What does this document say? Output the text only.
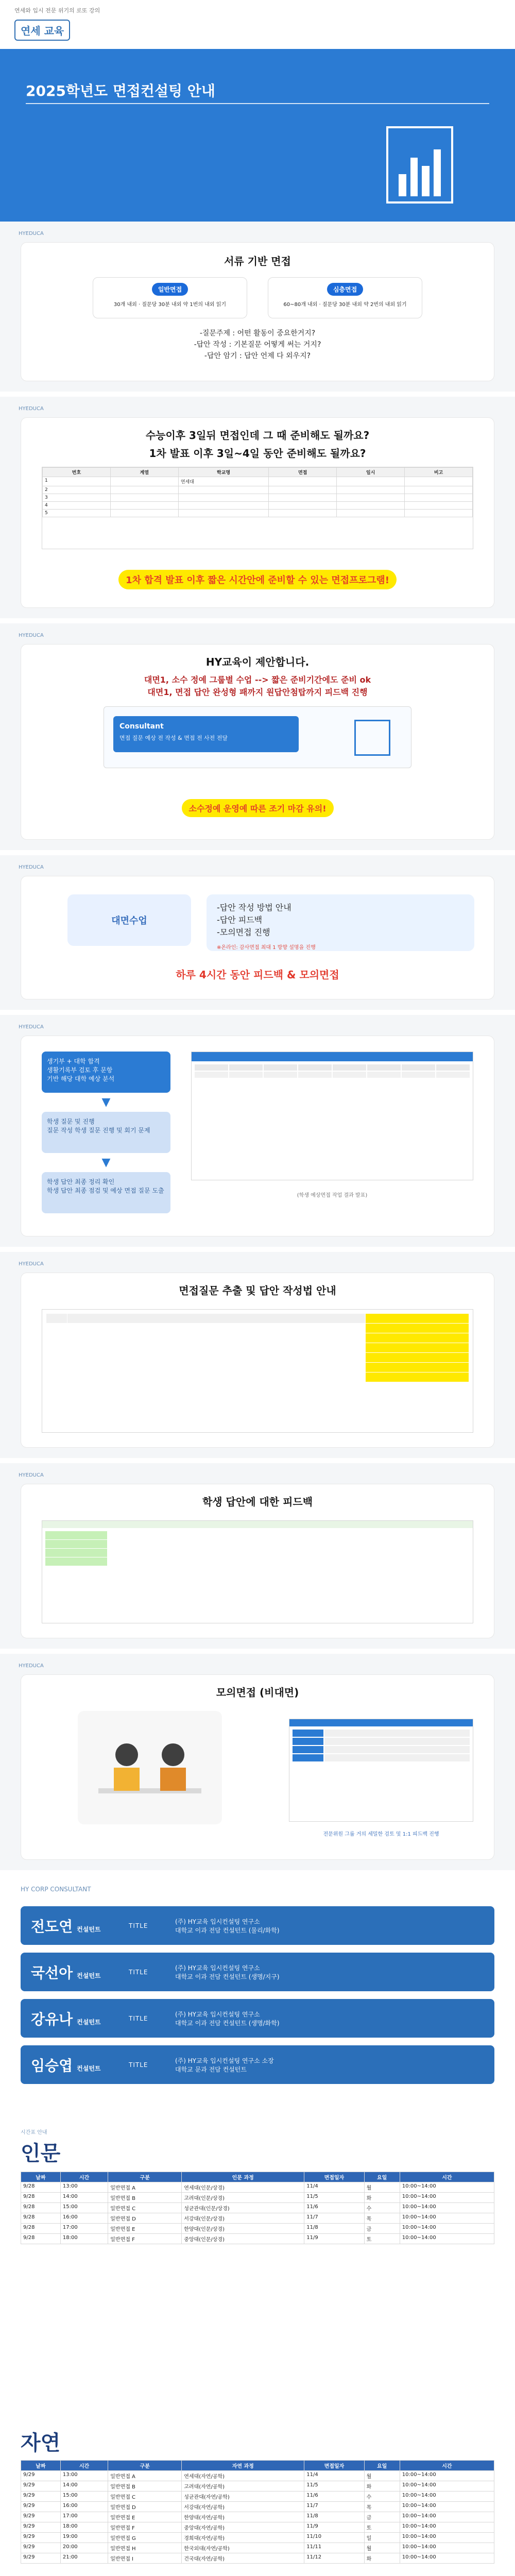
연세와 입시 전문 위기의 로또 강의
연세 교육
2025학년도 면접컨설팅 안내
HYEDUCA
서류 기반 면접
일반면접
30개 내외 · 질문당 30분 내외 약 1번의 내외 읽기
심층면접
60~80개 내외 · 질문당 30분 내외 약 2번의 내외 읽기
-질문주제 : 어떤 활동이 중요한거지?
-답안 작성 : 기본질문 어떻게 써는 거지?
-답안 암기 : 답안 언제 다 외우지?
HYEDUCA
수능이후 3일뒤 면접인데 그 때 준비해도 될까요?
1차 발표 이후 3일~4일 동안 준비해도 될까요?
번호	계열	학교명	면접	일시	비고
1		연세대			
2					
3					
4					
5					
1차 합격 발표 이후 짧은 시간안에 준비할 수 있는 면접프로그램!
HYEDUCA
HY교육이 제안합니다.
대면1, 소수 정예 그룹별 수업 --> 짧은 준비기간에도 준비 ok
대면1, 면접 답안 완성형 패까지 원답안첨탑까지 피드백 진행
Consultant
면접 질문 예상 전 작성 & 면접 전 사전 전달
소수정예 운영예 따른 조기 마감 유의!
HYEDUCA
대면수업
-답안 작성 방법 안내
-답안 피드백
-모의면접 진행
※온라인: 감사면접 최대 1 방향 설명을 진행
하루 4시간 동안 피드백 & 모의면접
HYEDUCA
생기부 + 대학 합격
생활기록부 검토 후 문항
기반 해당 대학 예상 분석
▼
학생 질문 및 진행
질문 작성 학생 질문 진행 및 회기 문제
▼
학생 답안 최종 정리 확인
학생 답안 최종 점검 및 예상 면접 질문 도출
(학생 예상면접 작업 결과 발표)
HYEDUCA
면접질문 추출 및 답안 작성법 안내
HYEDUCA
학생 답안에 대한 피드백
HYEDUCA
모의면접 (비대면)
전문위원 그룹 거의 세밀한 검토 및 1:1 피드백 진행
HY CORP CONSULTANT
전도연 컨설턴트	TITLE
(주) HY교육 입시컨설팅 연구소
대학교 이과 전담 컨설턴트 (물리/화학)
국선아 컨설턴트	TITLE
(주) HY교육 입시컨설팅 연구소
대학교 이과 전담 컨설턴트 (생명/지구)
강유나 컨설턴트	TITLE
(주) HY교육 입시컨설팅 연구소
대학교 이과 전담 컨설턴트 (생명/화학)
임승엽 컨설턴트	TITLE
(주) HY교육 입시컨설팅 연구소 소장
대학교 문과 전담 컨설턴트
시간표 안내
인문
날짜	시간	구분	인문 과정	면접일자	요일	시간
9/28	13:00	일반면접 A	연세대(인문/상경)	11/4	월	10:00~14:00
9/28	14:00	일반면접 B	고려대(인문/상경)	11/5	화	10:00~14:00
9/28	15:00	일반면접 C	성균관대(인문/상경)	11/6	수	10:00~14:00
9/28	16:00	일반면접 D	서강대(인문/상경)	11/7	목	10:00~14:00
9/28	17:00	일반면접 E	한양대(인문/상경)	11/8	금	10:00~14:00
9/28	18:00	일반면접 F	중앙대(인문/상경)	11/9	토	10:00~14:00
자연
날짜	시간	구분	자연 과정	면접일자	요일	시간
9/29	13:00	일반면접 A	연세대(자연/공학)	11/4	월	10:00~14:00
9/29	14:00	일반면접 B	고려대(자연/공학)	11/5	화	10:00~14:00
9/29	15:00	일반면접 C	성균관대(자연/공학)	11/6	수	10:00~14:00
9/29	16:00	일반면접 D	서강대(자연/공학)	11/7	목	10:00~14:00
9/29	17:00	일반면접 E	한양대(자연/공학)	11/8	금	10:00~14:00
9/29	18:00	일반면접 F	중앙대(자연/공학)	11/9	토	10:00~14:00
9/29	19:00	일반면접 G	경희대(자연/공학)	11/10	일	10:00~14:00
9/29	20:00	일반면접 H	한국외대(자연/공학)	11/11	월	10:00~14:00
9/29	21:00	일반면접 I	건국대(자연/공학)	11/12	화	10:00~14:00
